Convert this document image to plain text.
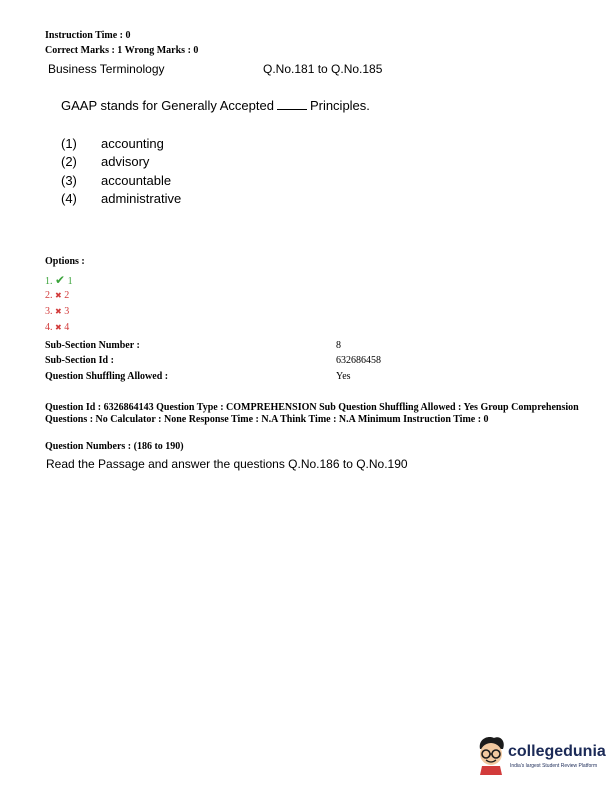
Instruction Time : 0
Correct Marks : 1 Wrong Marks : 0
Business Terminology	Q.No.181 to Q.No.185
GAAP stands for Generally Accepted	Principles.
(1) accounting
(2) advisory
(3) accountable
(4) administrative
Options :
1. ✔ 1
2. ✖ 2
3. ✖ 3
4. ✖ 4
Sub-Section Number :	8
Sub-Section Id :	632686458
Question Shuffling Allowed :	Yes
Question Id : 6326864143 Question Type : COMPREHENSION Sub Question Shuffling Allowed : Yes Group Comprehension Questions : No Calculator : None Response Time : N.A Think Time : N.A Minimum Instruction Time : 0
Question Numbers : (186 to 190)
Read the Passage and answer the questions Q.No.186 to Q.No.190
collegedunia
India's largest Student Review Platform
